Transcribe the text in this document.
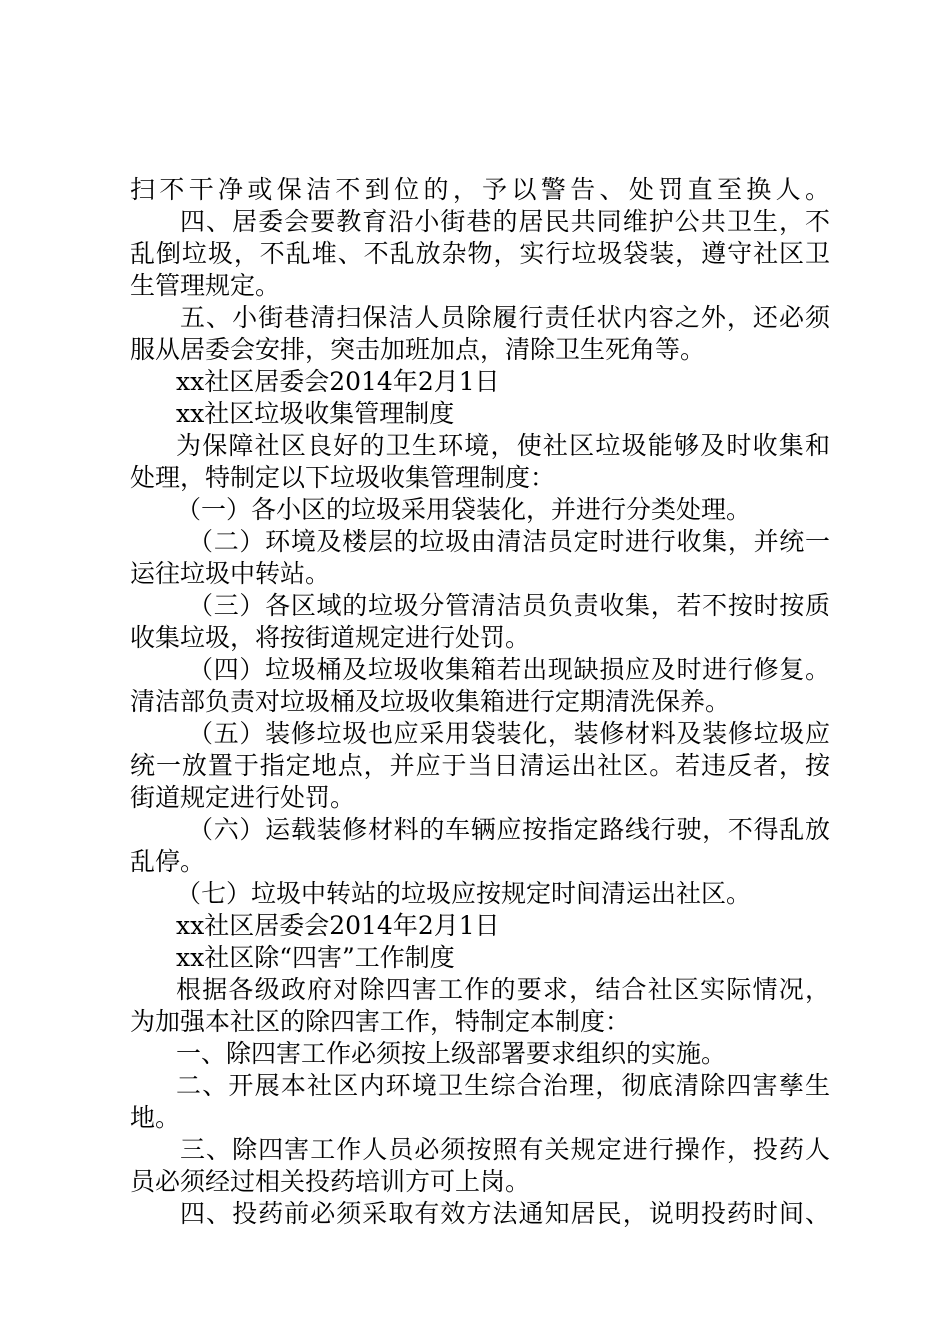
扫不干净或保洁不到位的，予以警告、处罚直至换人。
四、居委会要教育沿小街巷的居民共同维护公共卫生，不
乱倒垃圾，不乱堆、不乱放杂物，实行垃圾袋装，遵守社区卫
生管理规定。
五、小街巷清扫保洁人员除履行责任状内容之外，还必须
服从居委会安排，突击加班加点，清除卫生死角等。
xx社区居委会2014年2月1日
xx社区垃圾收集管理制度
为保障社区良好的卫生环境，使社区垃圾能够及时收集和
处理，特制定以下垃圾收集管理制度：
（一）各小区的垃圾采用袋装化，并进行分类处理。
（二）环境及楼层的垃圾由清洁员定时进行收集，并统一
运往垃圾中转站。
（三）各区域的垃圾分管清洁员负责收集，若不按时按质
收集垃圾，将按街道规定进行处罚。
（四）垃圾桶及垃圾收集箱若出现缺损应及时进行修复。
清洁部负责对垃圾桶及垃圾收集箱进行定期清洗保养。
（五）装修垃圾也应采用袋装化，装修材料及装修垃圾应
统一放置于指定地点，并应于当日清运出社区。若违反者，按
街道规定进行处罚。
（六）运载装修材料的车辆应按指定路线行驶，不得乱放
乱停。
（七）垃圾中转站的垃圾应按规定时间清运出社区。
xx社区居委会2014年2月1日
xx社区除“四害”工作制度
根据各级政府对除四害工作的要求，结合社区实际情况，
为加强本社区的除四害工作，特制定本制度：
一、除四害工作必须按上级部署要求组织的实施。
二、开展本社区内环境卫生综合治理，彻底清除四害孳生
地。
三、除四害工作人员必须按照有关规定进行操作，投药人
员必须经过相关投药培训方可上岗。
四、投药前必须采取有效方法通知居民，说明投药时间、
